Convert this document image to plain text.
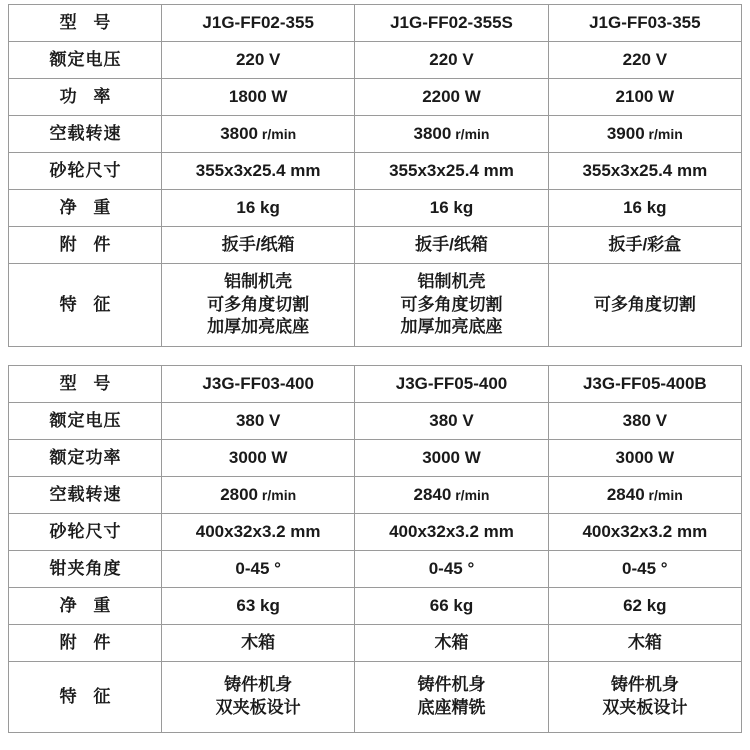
型 号	J1G-FF02-355	J1G-FF02-355S	J1G-FF03-355
额定电压	220 V	220 V	220 V
功 率	1800 W	2200 W	2100 W
空载转速	3800 r/min	3800 r/min	3900 r/min
砂轮尺寸	355x3x25.4 mm	355x3x25.4 mm	355x3x25.4 mm
净 重	16 kg	16 kg	16 kg
附 件	扳手/纸箱	扳手/纸箱	扳手/彩盒
特 征	铝制机壳
可多角度切割
加厚加亮底座	铝制机壳
可多角度切割
加厚加亮底座	可多角度切割
型 号	J3G-FF03-400	J3G-FF05-400	J3G-FF05-400B
额定电压	380 V	380 V	380 V
额定功率	3000 W	3000 W	3000 W
空载转速	2800 r/min	2840 r/min	2840 r/min
砂轮尺寸	400x32x3.2 mm	400x32x3.2 mm	400x32x3.2 mm
钳夹角度	0-45 °	0-45 °	0-45 °
净 重	63 kg	66 kg	62 kg
附 件	木箱	木箱	木箱
特 征	铸件机身
双夹板设计	铸件机身
底座精铣	铸件机身
双夹板设计
